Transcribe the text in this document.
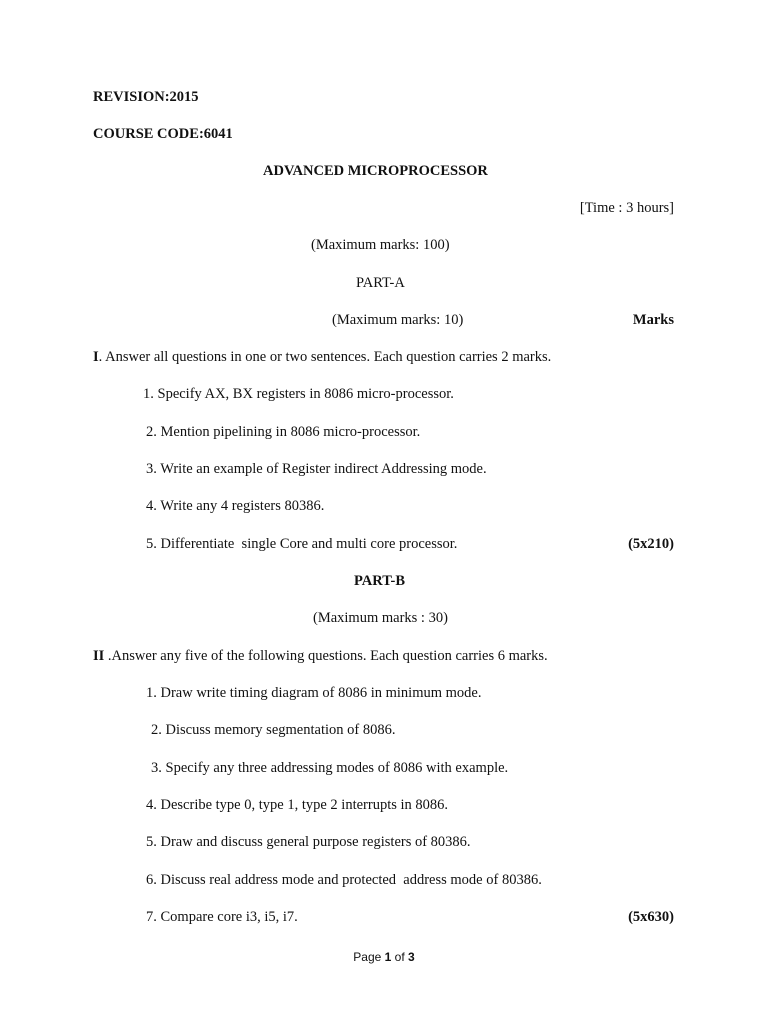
REVISION:2015
COURSE CODE:6041
ADVANCED MICROPROCESSOR
[Time : 3 hours]
(Maximum marks: 100)
PART-A
(Maximum marks: 10)	Marks
I. Answer all questions in one or two sentences. Each question carries 2 marks.
1. Specify AX, BX registers in 8086 micro-processor.
2. Mention pipelining in 8086 micro-processor.
3. Write an example of Register indirect Addressing mode.
4. Write any 4 registers 80386.
5. Differentiate  single Core and multi core processor.	(5x210)
PART-B
(Maximum marks : 30)
II .Answer any five of the following questions. Each question carries 6 marks.
1. Draw write timing diagram of 8086 in minimum mode.
2. Discuss memory segmentation of 8086.
3. Specify any three addressing modes of 8086 with example.
4. Describe type 0, type 1, type 2 interrupts in 8086.
5. Draw and discuss general purpose registers of 80386.
6. Discuss real address mode and protected  address mode of 80386.
7. Compare core i3, i5, i7.	(5x630)
Page 1 of 3
